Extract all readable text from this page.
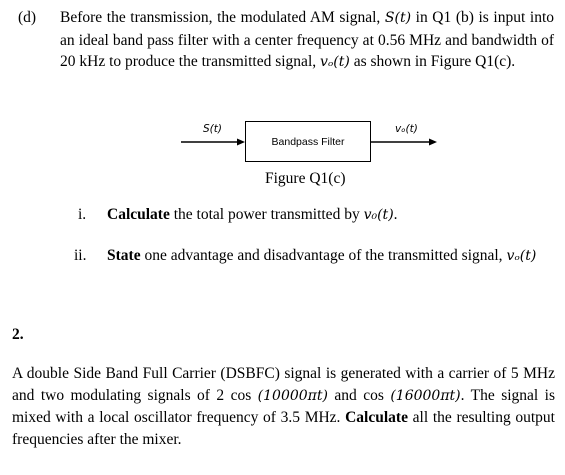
(d) Before the transmission, the modulated AM signal, S(t) in Q1 (b) is input into an ideal band pass filter with a center frequency at 0.56 MHz and bandwidth of 20 kHz to produce the transmitted signal, vₒ(t) as shown in Figure Q1(c).
S(t)	vₒ(t)
Bandpass Filter
Figure Q1(c)
i. Calculate the total power transmitted by v₀(t).
ii. State one advantage and disadvantage of the transmitted signal, vₒ(t)
2.
A double Side Band Full Carrier (DSBFC) signal is generated with a carrier of 5 MHz and two modulating signals of 2 cos (10000πt) and cos (16000πt). The signal is mixed with a local oscillator frequency of 3.5 MHz. Calculate all the resulting output frequencies after the mixer.
